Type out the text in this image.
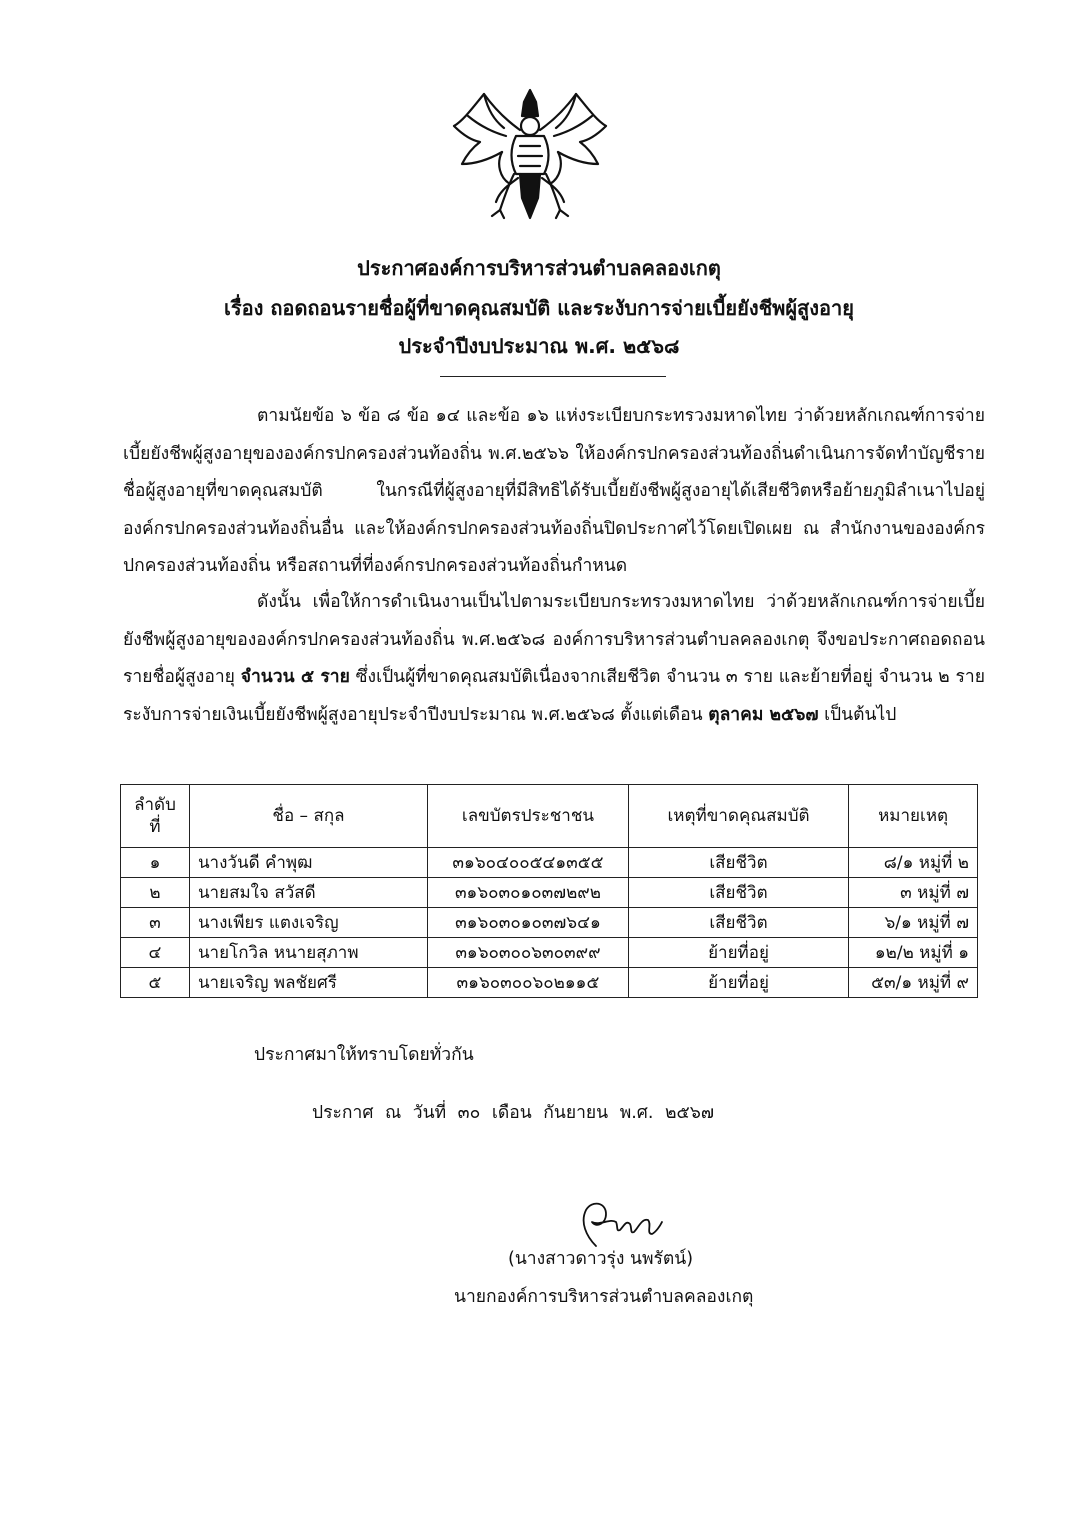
ประกาศองค์การบริหารส่วนตำบลคลองเกตุ
เรื่อง ถอดถอนรายชื่อผู้ที่ขาดคุณสมบัติ และระงับการจ่ายเบี้ยยังชีพผู้สูงอายุ
ประจำปีงบประมาณ พ.ศ. ๒๕๖๘

ตามนัยข้อ ๖ ข้อ ๘ ข้อ ๑๔ และข้อ ๑๖ แห่งระเบียบกระทรวงมหาดไทย ว่าด้วยหลักเกณฑ์การจ่ายเบี้ยยังชีพผู้สูงอายุขององค์กรปกครองส่วนท้องถิ่น พ.ศ.๒๕๖๖ ให้องค์กรปกครองส่วนท้องถิ่นดำเนินการจัดทำบัญชีรายชื่อผู้สูงอายุที่ขาดคุณสมบัติ ในกรณีที่ผู้สูงอายุที่มีสิทธิได้รับเบี้ยยังชีพผู้สูงอายุได้เสียชีวิตหรือย้ายภูมิลำเนาไปอยู่องค์กรปกครองส่วนท้องถิ่นอื่น และให้องค์กรปกครองส่วนท้องถิ่นปิดประกาศไว้โดยเปิดเผย ณ สำนักงานขององค์กรปกครองส่วนท้องถิ่น หรือสถานที่ที่องค์กรปกครองส่วนท้องถิ่นกำหนด

ดังนั้น เพื่อให้การดำเนินงานเป็นไปตามระเบียบกระทรวงมหาดไทย ว่าด้วยหลักเกณฑ์การจ่ายเบี้ยยังชีพผู้สูงอายุขององค์กรปกครองส่วนท้องถิ่น พ.ศ.๒๕๖๘ องค์การบริหารส่วนตำบลคลองเกตุ จึงขอประกาศถอดถอนรายชื่อผู้สูงอายุ จำนวน ๕ ราย ซึ่งเป็นผู้ที่ขาดคุณสมบัติเนื่องจากเสียชีวิต จำนวน ๓ ราย และย้ายที่อยู่ จำนวน ๒ ราย ระงับการจ่ายเงินเบี้ยยังชีพผู้สูงอายุประจำปีงบประมาณ พ.ศ.๒๕๖๘ ตั้งแต่เดือน ตุลาคม ๒๕๖๗ เป็นต้นไป

ลำดับที่	ชื่อ – สกุล	เลขบัตรประชาชน	เหตุที่ขาดคุณสมบัติ	หมายเหตุ
๑	นางวันดี คำพุฒ	๓๑๖๐๔๐๐๕๔๑๓๕๕	เสียชีวิต	๘/๑ หมู่ที่ ๒
๒	นายสมใจ สวัสดี	๓๑๖๐๓๐๑๐๓๗๒๙๒	เสียชีวิต	๓ หมู่ที่ ๗
๓	นางเพียร แตงเจริญ	๓๑๖๐๓๐๑๐๓๗๖๔๑	เสียชีวิต	๖/๑ หมู่ที่ ๗
๔	นายโกวิล หนายสุภาพ	๓๑๖๐๓๐๐๖๓๐๓๙๙	ย้ายที่อยู่	๑๒/๒ หมู่ที่ ๑
๕	นายเจริญ พลชัยศรี	๓๑๖๐๓๐๐๖๐๒๑๑๕	ย้ายที่อยู่	๕๓/๑ หมู่ที่ ๙
ประกาศมาให้ทราบโดยทั่วกัน
ประกาศ ณ วันที่ ๓๐ เดือน กันยายน พ.ศ. ๒๕๖๗
(นางสาวดาวรุ่ง นพรัตน์)
นายกองค์การบริหารส่วนตำบลคลองเกตุ
